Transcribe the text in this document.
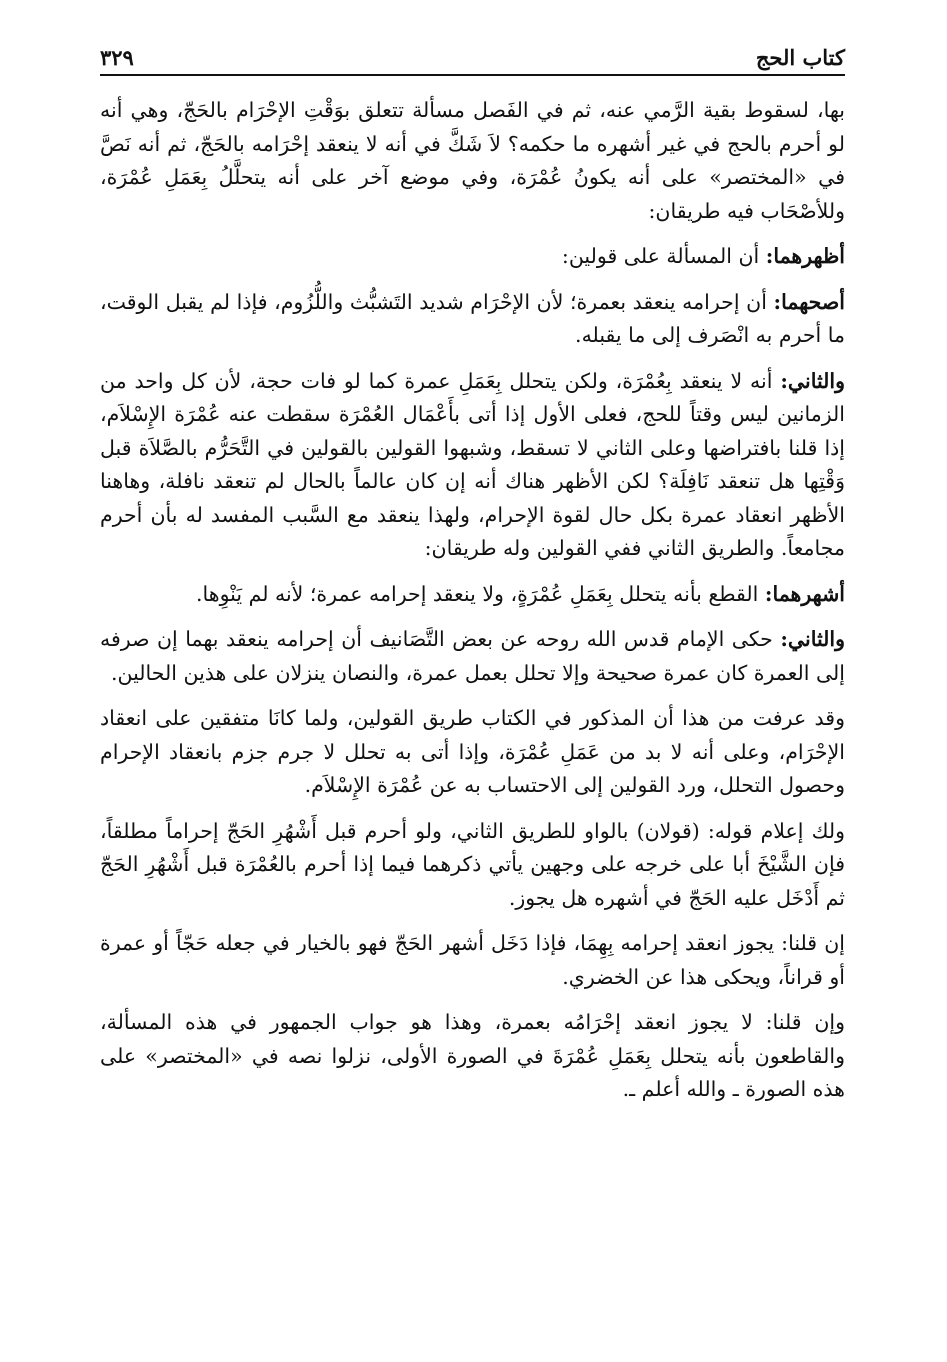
كتاب الحج
٣٢٩

بها، لسقوط بقية الرَّمي عنه، ثم في الفَصل مسألة تتعلق بوَقْتِ الإحْرَام بالحَجّ، وهي أنه لو أحرم بالحج في غير أشهره ما حكمه؟ لاَ شَكَّ في أنه لا ينعقد إحْرَامه بالحَجّ، ثم أنه نَصَّ في «المختصر» على أنه يكونُ عُمْرَة، وفي موضع آخر على أنه يتحلَّلُ بِعَمَلِ عُمْرَة، وللأصْحَاب فيه طريقان:

أظهرهما: أن المسألة على قولين:

أصحهما: أن إحرامه ينعقد بعمرة؛ لأن الإحْرَام شديد التَشبُّث واللُّزُوم، فإذا لم يقبل الوقت، ما أحرم به انْصَرف إلى ما يقبله.

والثاني: أنه لا ينعقد بِعُمْرَة، ولكن يتحلل بِعَمَلِ عمرة كما لو فات حجة، لأن كل واحد من الزمانين ليس وقتاً للحج، فعلى الأول إذا أتى بأَعْمَال العُمْرَة سقطت عنه عُمْرَة الإِسْلاَم، إذا قلنا بافتراضها وعلى الثاني لا تسقط، وشبهوا القولين بالقولين في التَّحَرُّم بالصَّلاَة قبل وَقْتِها هل تنعقد نَافِلَة؟ لكن الأظهر هناك أنه إن كان عالماً بالحال لم تنعقد نافلة، وهاهنا الأظهر انعقاد عمرة بكل حال لقوة الإحرام، ولهذا ينعقد مع السَّبب المفسد له بأن أحرم مجامعاً. والطريق الثاني ففي القولين وله طريقان:

أشهرهما: القطع بأنه يتحلل بِعَمَلِ عُمْرَةٍ، ولا ينعقد إحرامه عمرة؛ لأنه لم يَنْوِها.

والثاني: حكى الإمام قدس الله روحه عن بعض التَّصَانيف أن إحرامه ينعقد بهما إن صرفه إلى العمرة كان عمرة صحيحة وإلا تحلل بعمل عمرة، والنصان ينزلان على هذين الحالين.

وقد عرفت من هذا أن المذكور في الكتاب طريق القولين، ولما كانَا متفقين على انعقاد الإحْرَام، وعلى أنه لا بد من عَمَلِ عُمْرَة، وإذا أتى به تحلل لا جرم جزم بانعقاد الإحرام وحصول التحلل، ورد القولين إلى الاحتساب به عن عُمْرَة الإِسْلاَم.

ولك إعلام قوله: (قولان) بالواو للطريق الثاني، ولو أحرم قبل أَشْهُرِ الحَجّ إحراماً مطلقاً، فإن الشَّيْخَ أبا على خرجه على وجهين يأتي ذكرهما فيما إذا أحرم بالعُمْرَة قبل أَشْهُرِ الحَجّ ثم أَدْخَل عليه الحَجّ في أشهره هل يجوز.

إن قلنا: يجوز انعقد إحرامه بِهِمَا، فإذا دَخَل أشهر الحَجّ فهو بالخيار في جعله حَجّاً أو عمرة أو قراناً، ويحكى هذا عن الخضري.

وإن قلنا: لا يجوز انعقد إحْرَامُه بعمرة، وهذا هو جواب الجمهور في هذه المسألة، والقاطعون بأنه يتحلل بِعَمَلِ عُمْرَةَ في الصورة الأولى، نزلوا نصه في «المختصر» على هذه الصورة ـ والله أعلم ـ.
